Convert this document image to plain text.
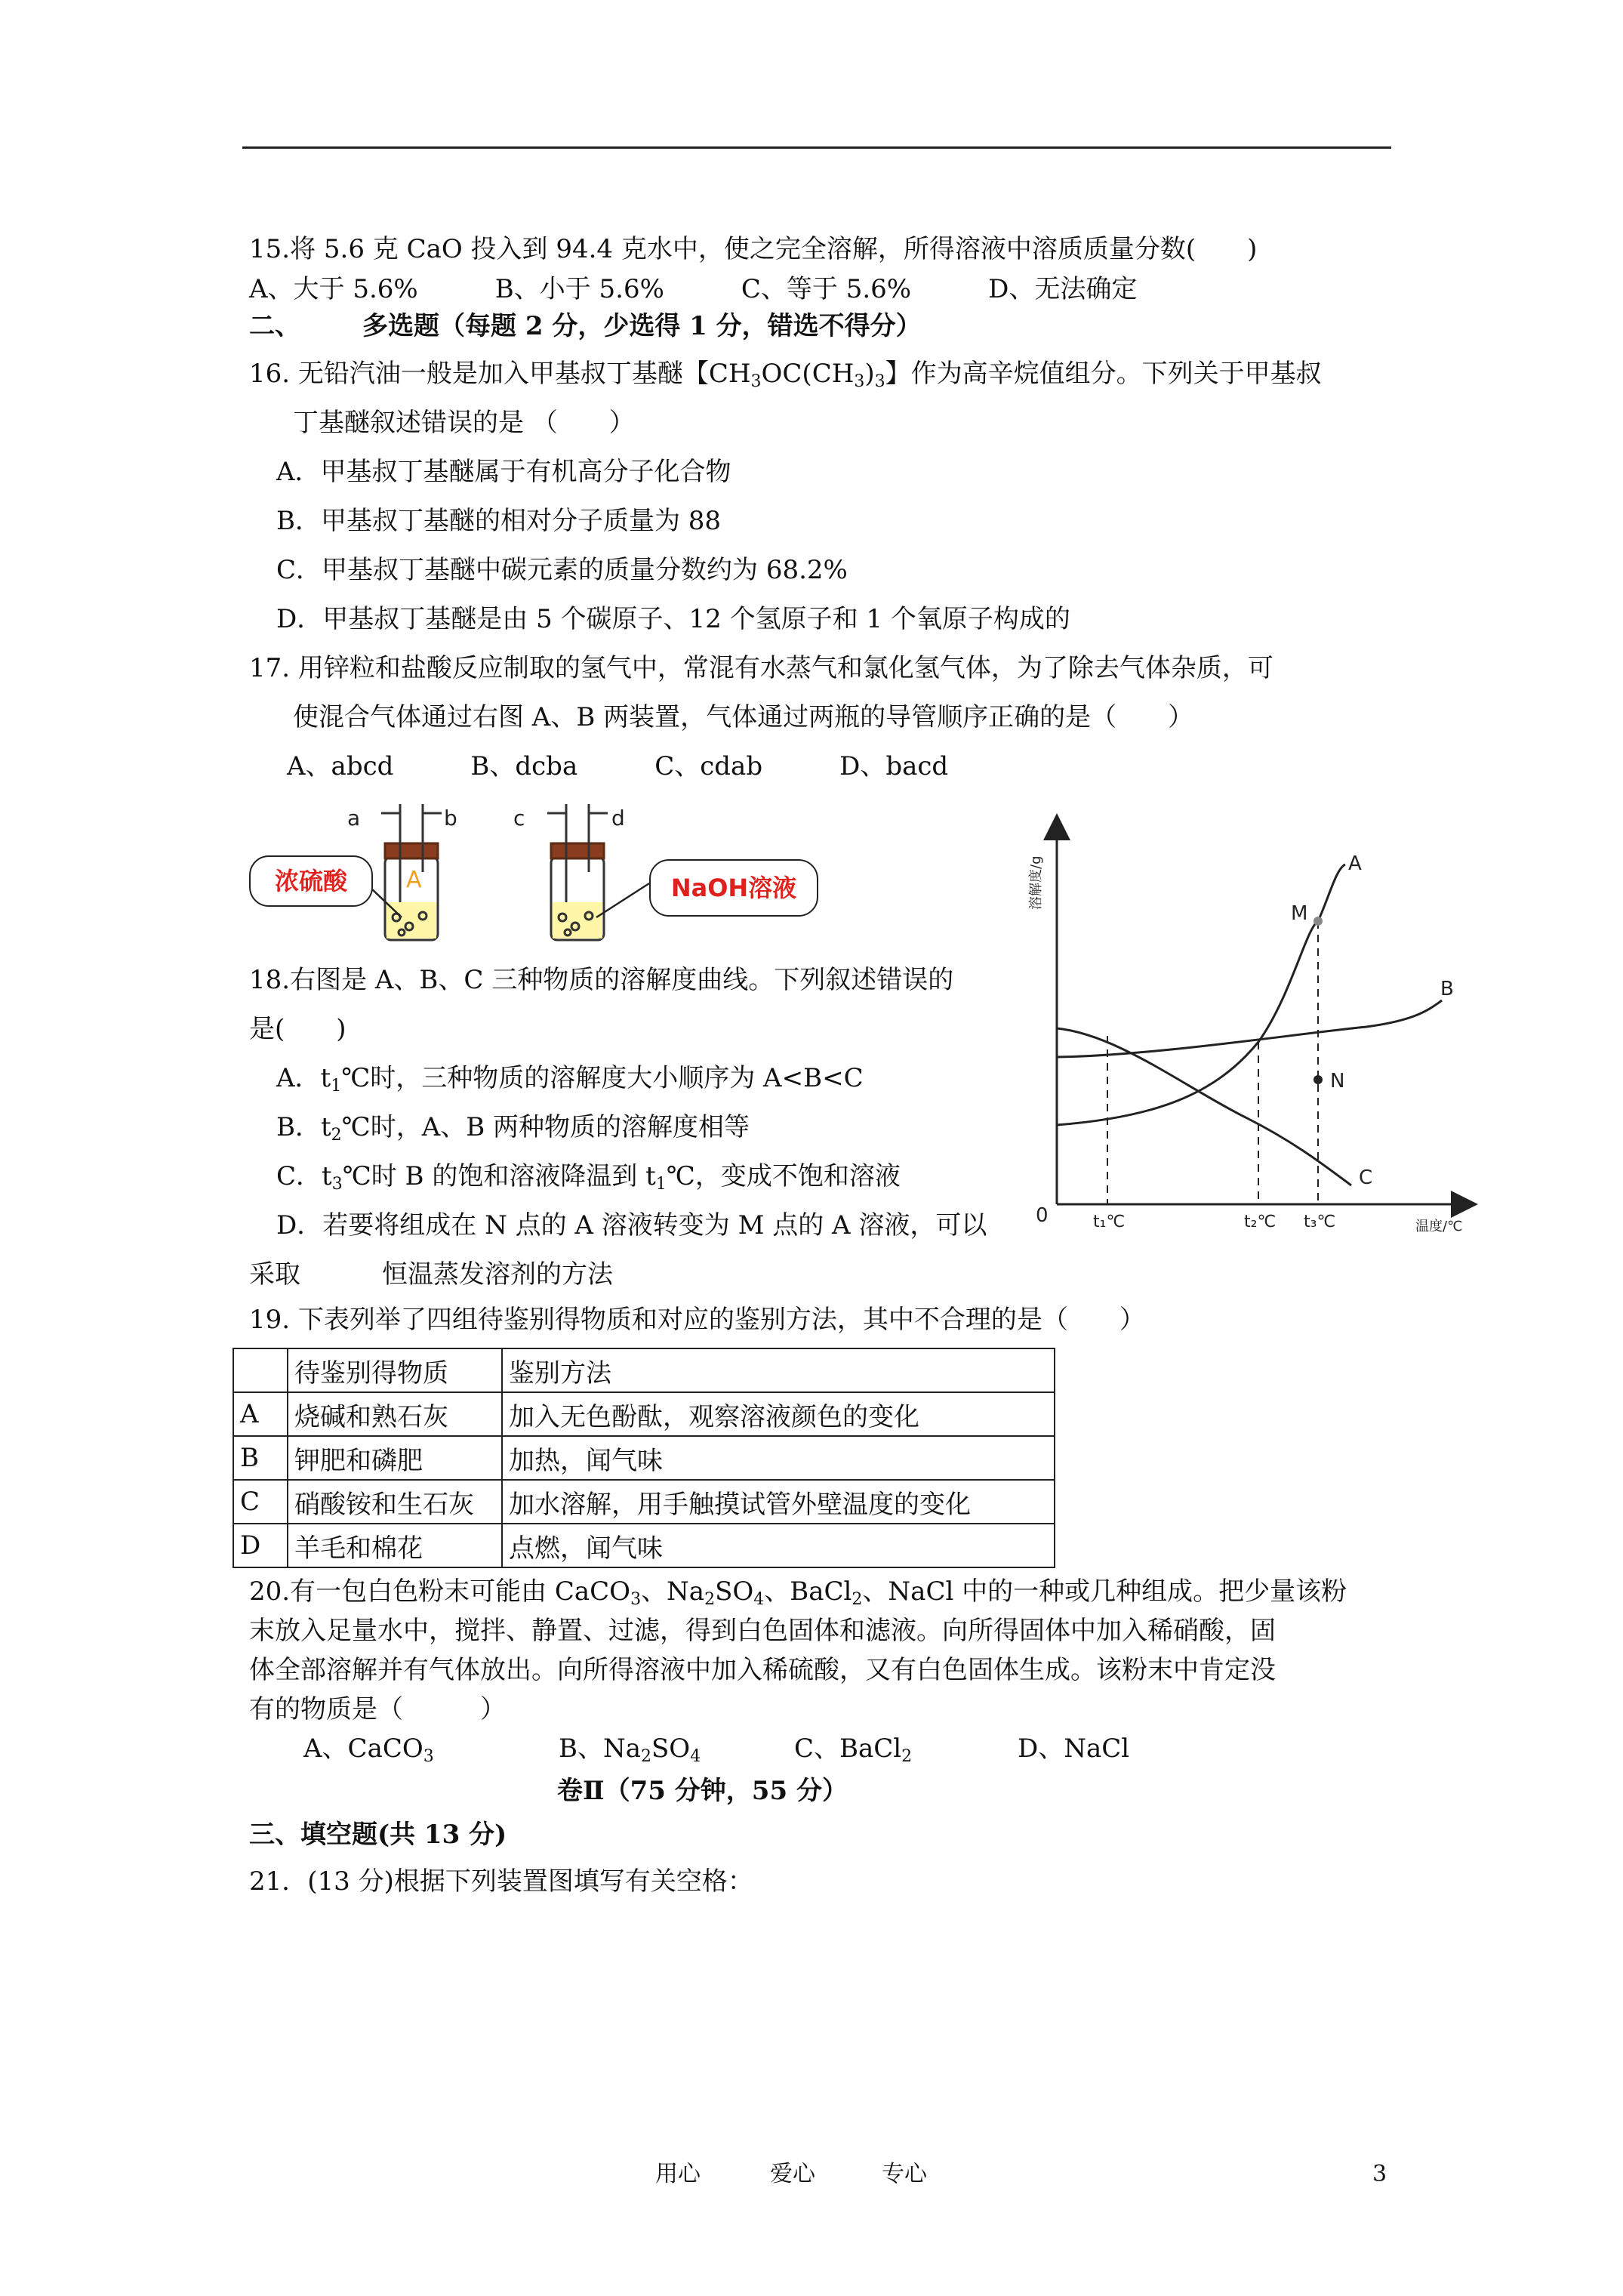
15.将 5.6 克 CaO 投入到 94.4 克水中，使之完全溶解，所得溶液中溶质质量分数(　　)
A、大于 5.6%　　　B、小于 5.6%　　　C、等于 5.6%　　　D、无法确定
二、 多选题（每题 2 分，少选得 1 分，错选不得分）
16. 无铅汽油一般是加入甲基叔丁基醚【$CH_3OC(CH_3)_3$】作为高辛烷值组分。下列关于甲基叔
丁基醚叙述错误的是 （　　）
A．甲基叔丁基醚属于有机高分子化合物
B．甲基叔丁基醚的相对分子质量为 88
C．甲基叔丁基醚中碳元素的质量分数约为 68.2%
D．甲基叔丁基醚是由 5 个碳原子、12 个氢原子和 1 个氧原子构成的
17. 用锌粒和盐酸反应制取的氢气中，常混有水蒸气和氯化氢气体，为了除去气体杂质，可
使混合气体通过右图 A、B 两装置，气体通过两瓶的导管顺序正确的是（　　）
A、abcd　　　B、dcba　　　C、cdab　　　D、bacd
a	b	c	d
A
浓硫酸	NaOH溶液	溶解度/g
温度/℃
0
A
B
C
M
N
t₁℃	t₂℃ t₃℃
18.右图是 A、B、C 三种物质的溶解度曲线。下列叙述错误的
是(　　)
A．$t_1℃$时，三种物质的溶解度大小顺序为 A<B<C
B．$t_2℃$时，A、B 两种物质的溶解度相等
C．$t_3℃$时 B 的饱和溶液降温到 $t_1℃$，变成不饱和溶液
D．若要将组成在 N 点的 A 溶液转变为 M 点的 A 溶液，可以
采取	恒温蒸发溶剂的方法
19. 下表列举了四组待鉴别得物质和对应的鉴别方法，其中不合理的是（　　）
	待鉴别得物质	鉴别方法
A	烧碱和熟石灰	加入无色酚酞，观察溶液颜色的变化
B	钾肥和磷肥	加热，闻气味
C	硝酸铵和生石灰	加水溶解，用手触摸试管外壁温度的变化
D	羊毛和棉花	点燃，闻气味
20.有一包白色粉末可能由 CaCO$_3$、$Na_2SO_4$、BaCl$_2$、NaCl 中的一种或几种组成。把少量该粉
末放入足量水中，搅拌、静置、过滤，得到白色固体和滤液。向所得固体中加入稀硝酸，固
体全部溶解并有气体放出。向所得溶液中加入稀硫酸，又有白色固体生成。该粉末中肯定没
有的物质是（　　　）
A、CaCO$_3$	B、$Na_2SO_4$	C、BaCl$_2$	D、NaCl
卷Ⅱ（75 分钟，55 分）
三、填空题(共 13 分)
21．(13 分)根据下列装置图填写有关空格：
用心	爱心	专心	3
